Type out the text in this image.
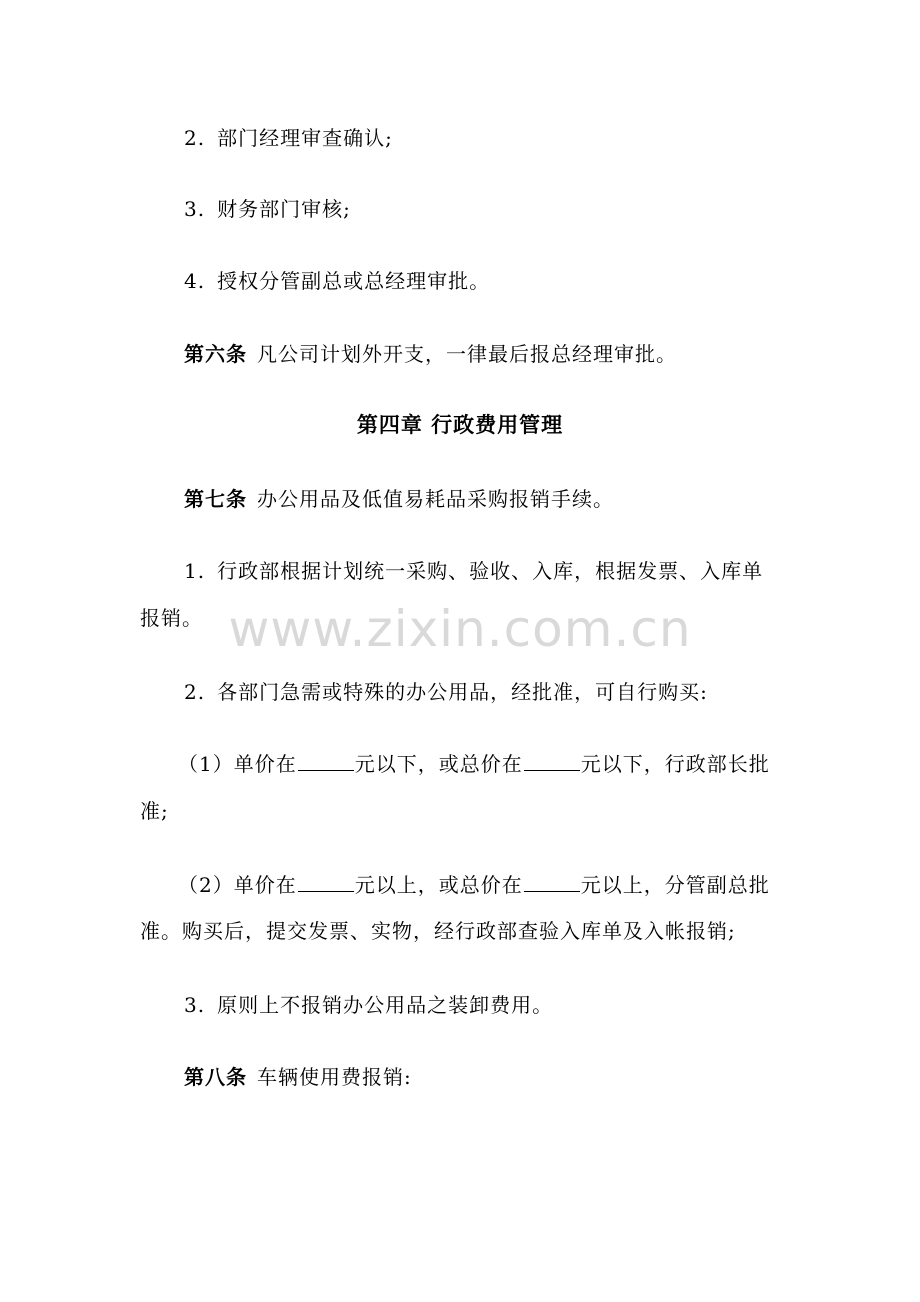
www.zixin.com.cn
2. 部门经理审查确认;
3. 财务部门审核;
4. 授权分管副总或总经理审批。
第六条 凡公司计划外开支，一律最后报总经理审批。
第四章 行政费用管理
第七条 办公用品及低值易耗品采购报销手续。
1. 行政部根据计划统一采购、验收、入库，根据发票、入库单
报销。
2. 各部门急需或特殊的办公用品，经批准，可自行购买:
（1）单价在	元以下，或总价在	元以下，行政部长批
准;
（2）单价在	元以上，或总价在	元以上，分管副总批
准。购买后，提交发票、实物，经行政部查验入库单及入帐报销;
3. 原则上不报销办公用品之装卸费用。
第八条 车辆使用费报销:
